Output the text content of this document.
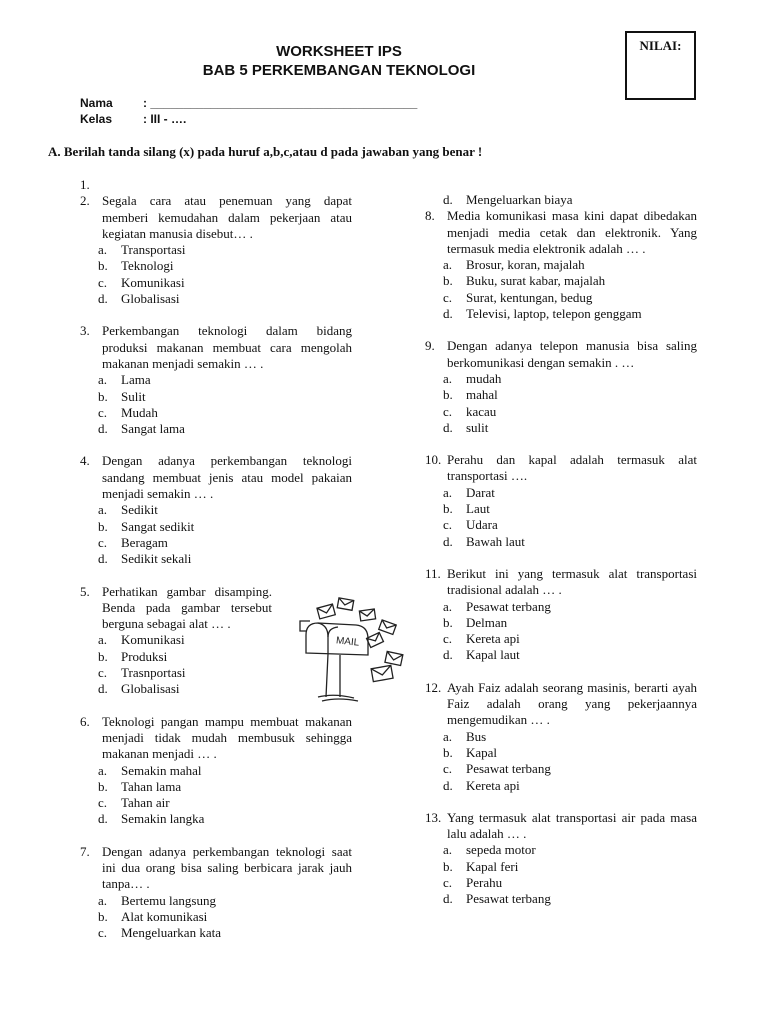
WORKSHEET IPS
BAB 5 PERKEMBANGAN TEKNOLOGI
NILAI:
Nama	: ________________________________________
Kelas	: III - ….
A. Berilah tanda silang (x) pada huruf a,b,c,atau d pada jawaban yang benar !
1.
2. Segala cara atau penemuan yang dapat memberi kemudahan dalam pekerjaan atau kegiatan manusia disebut… .
a.	Transportasi
b.	Teknologi
c.	Komunikasi
d.	Globalisasi
3. Perkembangan teknologi dalam bidang produksi makanan membuat cara mengolah makanan menjadi semakin … .
a.	Lama
b.	Sulit
c.	Mudah
d.	Sangat lama
4. Dengan adanya perkembangan teknologi sandang membuat jenis atau model pakaian menjadi semakin … .
a.	Sedikit
b.	Sangat sedikit
c.	Beragam
d.	Sedikit sekali
5. Perhatikan gambar disamping. Benda pada gambar tersebut berguna sebagai alat … .
a.	Komunikasi
b.	Produksi
c.	Trasnportasi
d.	Globalisasi
6. Teknologi pangan mampu membuat makanan menjadi tidak mudah membusuk sehingga makanan menjadi … .
a.	Semakin mahal
b.	Tahan lama
c.	Tahan air
d.	Semakin langka
7. Dengan adanya perkembangan teknologi saat ini dua orang bisa saling berbicara jarak jauh tanpa… .
a.	Bertemu langsung
b.	Alat komunikasi
c.	Mengeluarkan kata
d.	Mengeluarkan biaya
8. Media komunikasi masa kini dapat dibedakan menjadi media cetak dan elektronik. Yang termasuk media elektronik adalah … .
a.	Brosur, koran, majalah
b.	Buku, surat kabar, majalah
c.	Surat, kentungan, bedug
d.	Televisi, laptop, telepon genggam
9. Dengan adanya telepon manusia bisa saling berkomunikasi dengan semakin . …
a.	mudah
b.	mahal
c.	kacau
d.	sulit
10. Perahu dan kapal adalah termasuk alat transportasi ….
a.	Darat
b.	Laut
c.	Udara
d.	Bawah laut
11. Berikut ini yang termasuk alat transportasi tradisional adalah … .
a.	Pesawat terbang
b.	Delman
c.	Kereta api
d.	Kapal laut
12. Ayah Faiz adalah seorang masinis, berarti ayah Faiz adalah orang yang pekerjaannya mengemudikan … .
a.	Bus
b.	Kapal
c.	Pesawat terbang
d.	Kereta api
13. Yang termasuk alat transportasi air pada masa lalu adalah … .
a.	sepeda motor
b.	Kapal feri
c.	Perahu
d.	Pesawat terbang
MAIL
